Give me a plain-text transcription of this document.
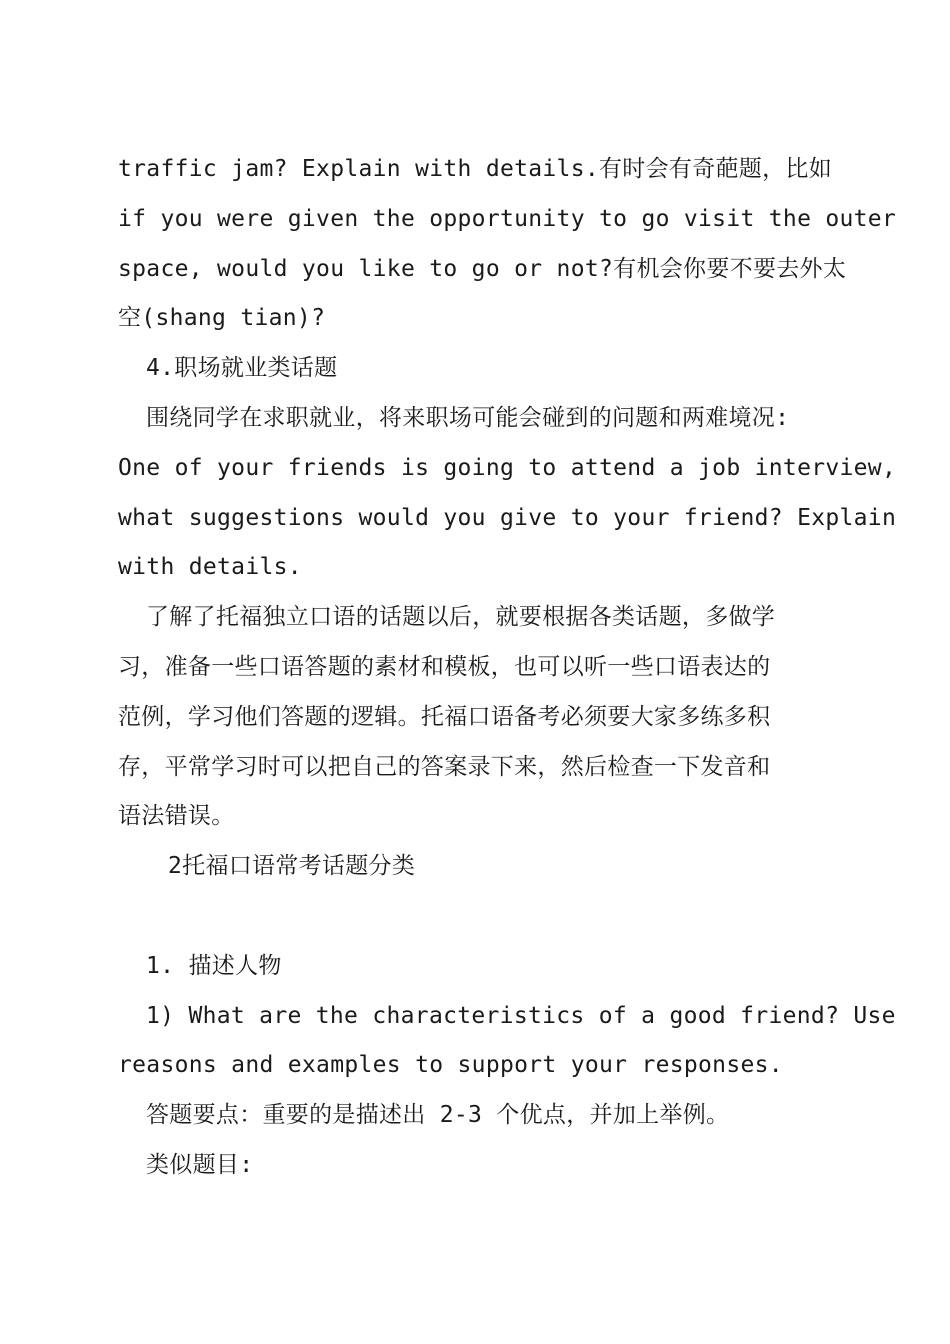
traffic jam? Explain with details.有时会有奇葩题，比如
if you were given the opportunity to go visit the outer
space, would you like to go or not?有机会你要不要去外太
空(shang tian)?
4.职场就业类话题
围绕同学在求职就业，将来职场可能会碰到的问题和两难境况:
One of your friends is going to attend a job interview,
what suggestions would you give to your friend? Explain
with details.
了解了托福独立口语的话题以后，就要根据各类话题，多做学
习，准备一些口语答题的素材和模板，也可以听一些口语表达的
范例，学习他们答题的逻辑。托福口语备考必须要大家多练多积
存，平常学习时可以把自己的答案录下来，然后检查一下发音和
语法错误。
2托福口语常考话题分类
1. 描述人物
1) What are the characteristics of a good friend? Use
reasons and examples to support your responses.
答题要点：重要的是描述出 2-3 个优点，并加上举例。
类似题目:
